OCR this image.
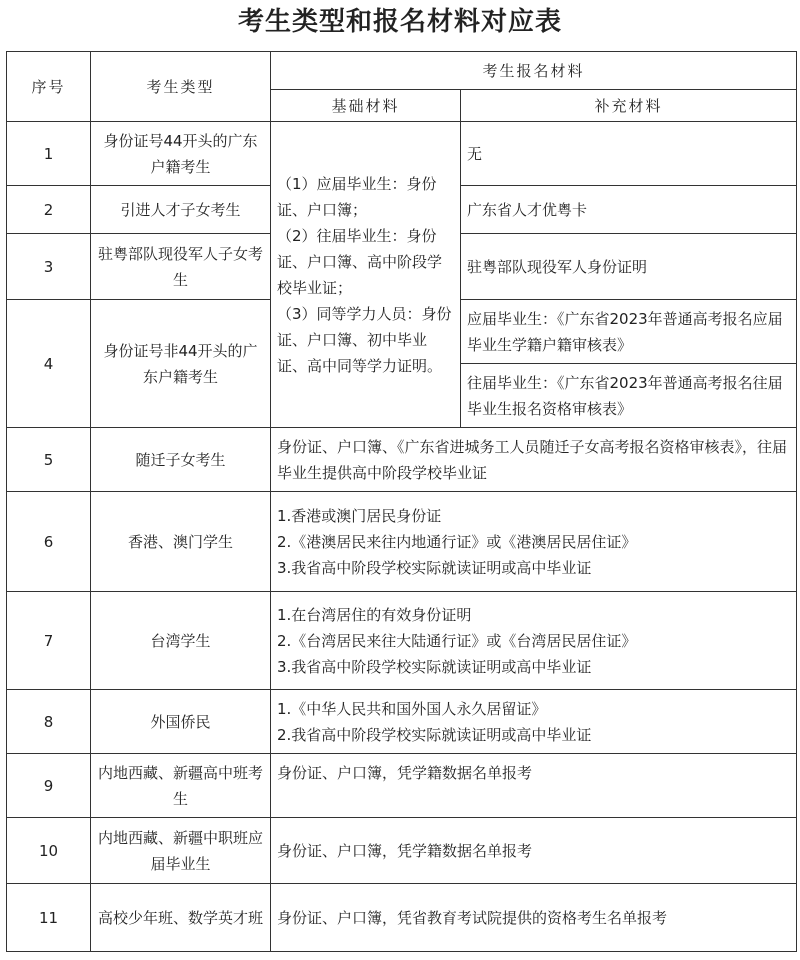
考生类型和报名材料对应表
序号	考生类型	考生报名材料	
		基础材料	补充材料
1	身份证号44开头的广东户籍考生	（1）应届毕业生：身份证、户口簿；
（2）往届毕业生：身份证、户口簿、高中阶段学校毕业证；
（3）同等学力人员：身份证、户口簿、初中毕业证、高中同等学力证明。	无
2	引进人才子女考生		广东省人才优粤卡
3	驻粤部队现役军人子女考生		驻粤部队现役军人身份证明
4	身份证号非44开头的广东户籍考生		应届毕业生：《广东省2023年普通高考报名应届毕业生学籍户籍审核表》
			往届毕业生：《广东省2023年普通高考报名往届毕业生报名资格审核表》
5	随迁子女考生	身份证、户口簿、《广东省进城务工人员随迁子女高考报名资格审核表》，往届毕业生提供高中阶段学校毕业证	
6	香港、澳门学生	1.香港或澳门居民身份证
2.《港澳居民来往内地通行证》或《港澳居民居住证》
3.我省高中阶段学校实际就读证明或高中毕业证	

7	台湾学生	1.在台湾居住的有效身份证明
2.《台湾居民来往大陆通行证》或《台湾居民居住证》
3.我省高中阶段学校实际就读证明或高中毕业证	

8	外国侨民	1.《中华人民共和国外国人永久居留证》
2.我省高中阶段学校实际就读证明或高中毕业证	

9	内地西藏、新疆高中班考生	身份证、户口簿，凭学籍数据名单报考	
10	内地西藏、新疆中职班应届毕业生	身份证、户口簿，凭学籍数据名单报考	
11	高校少年班、数学英才班	身份证、户口簿，凭省教育考试院提供的资格考生名单报考	
